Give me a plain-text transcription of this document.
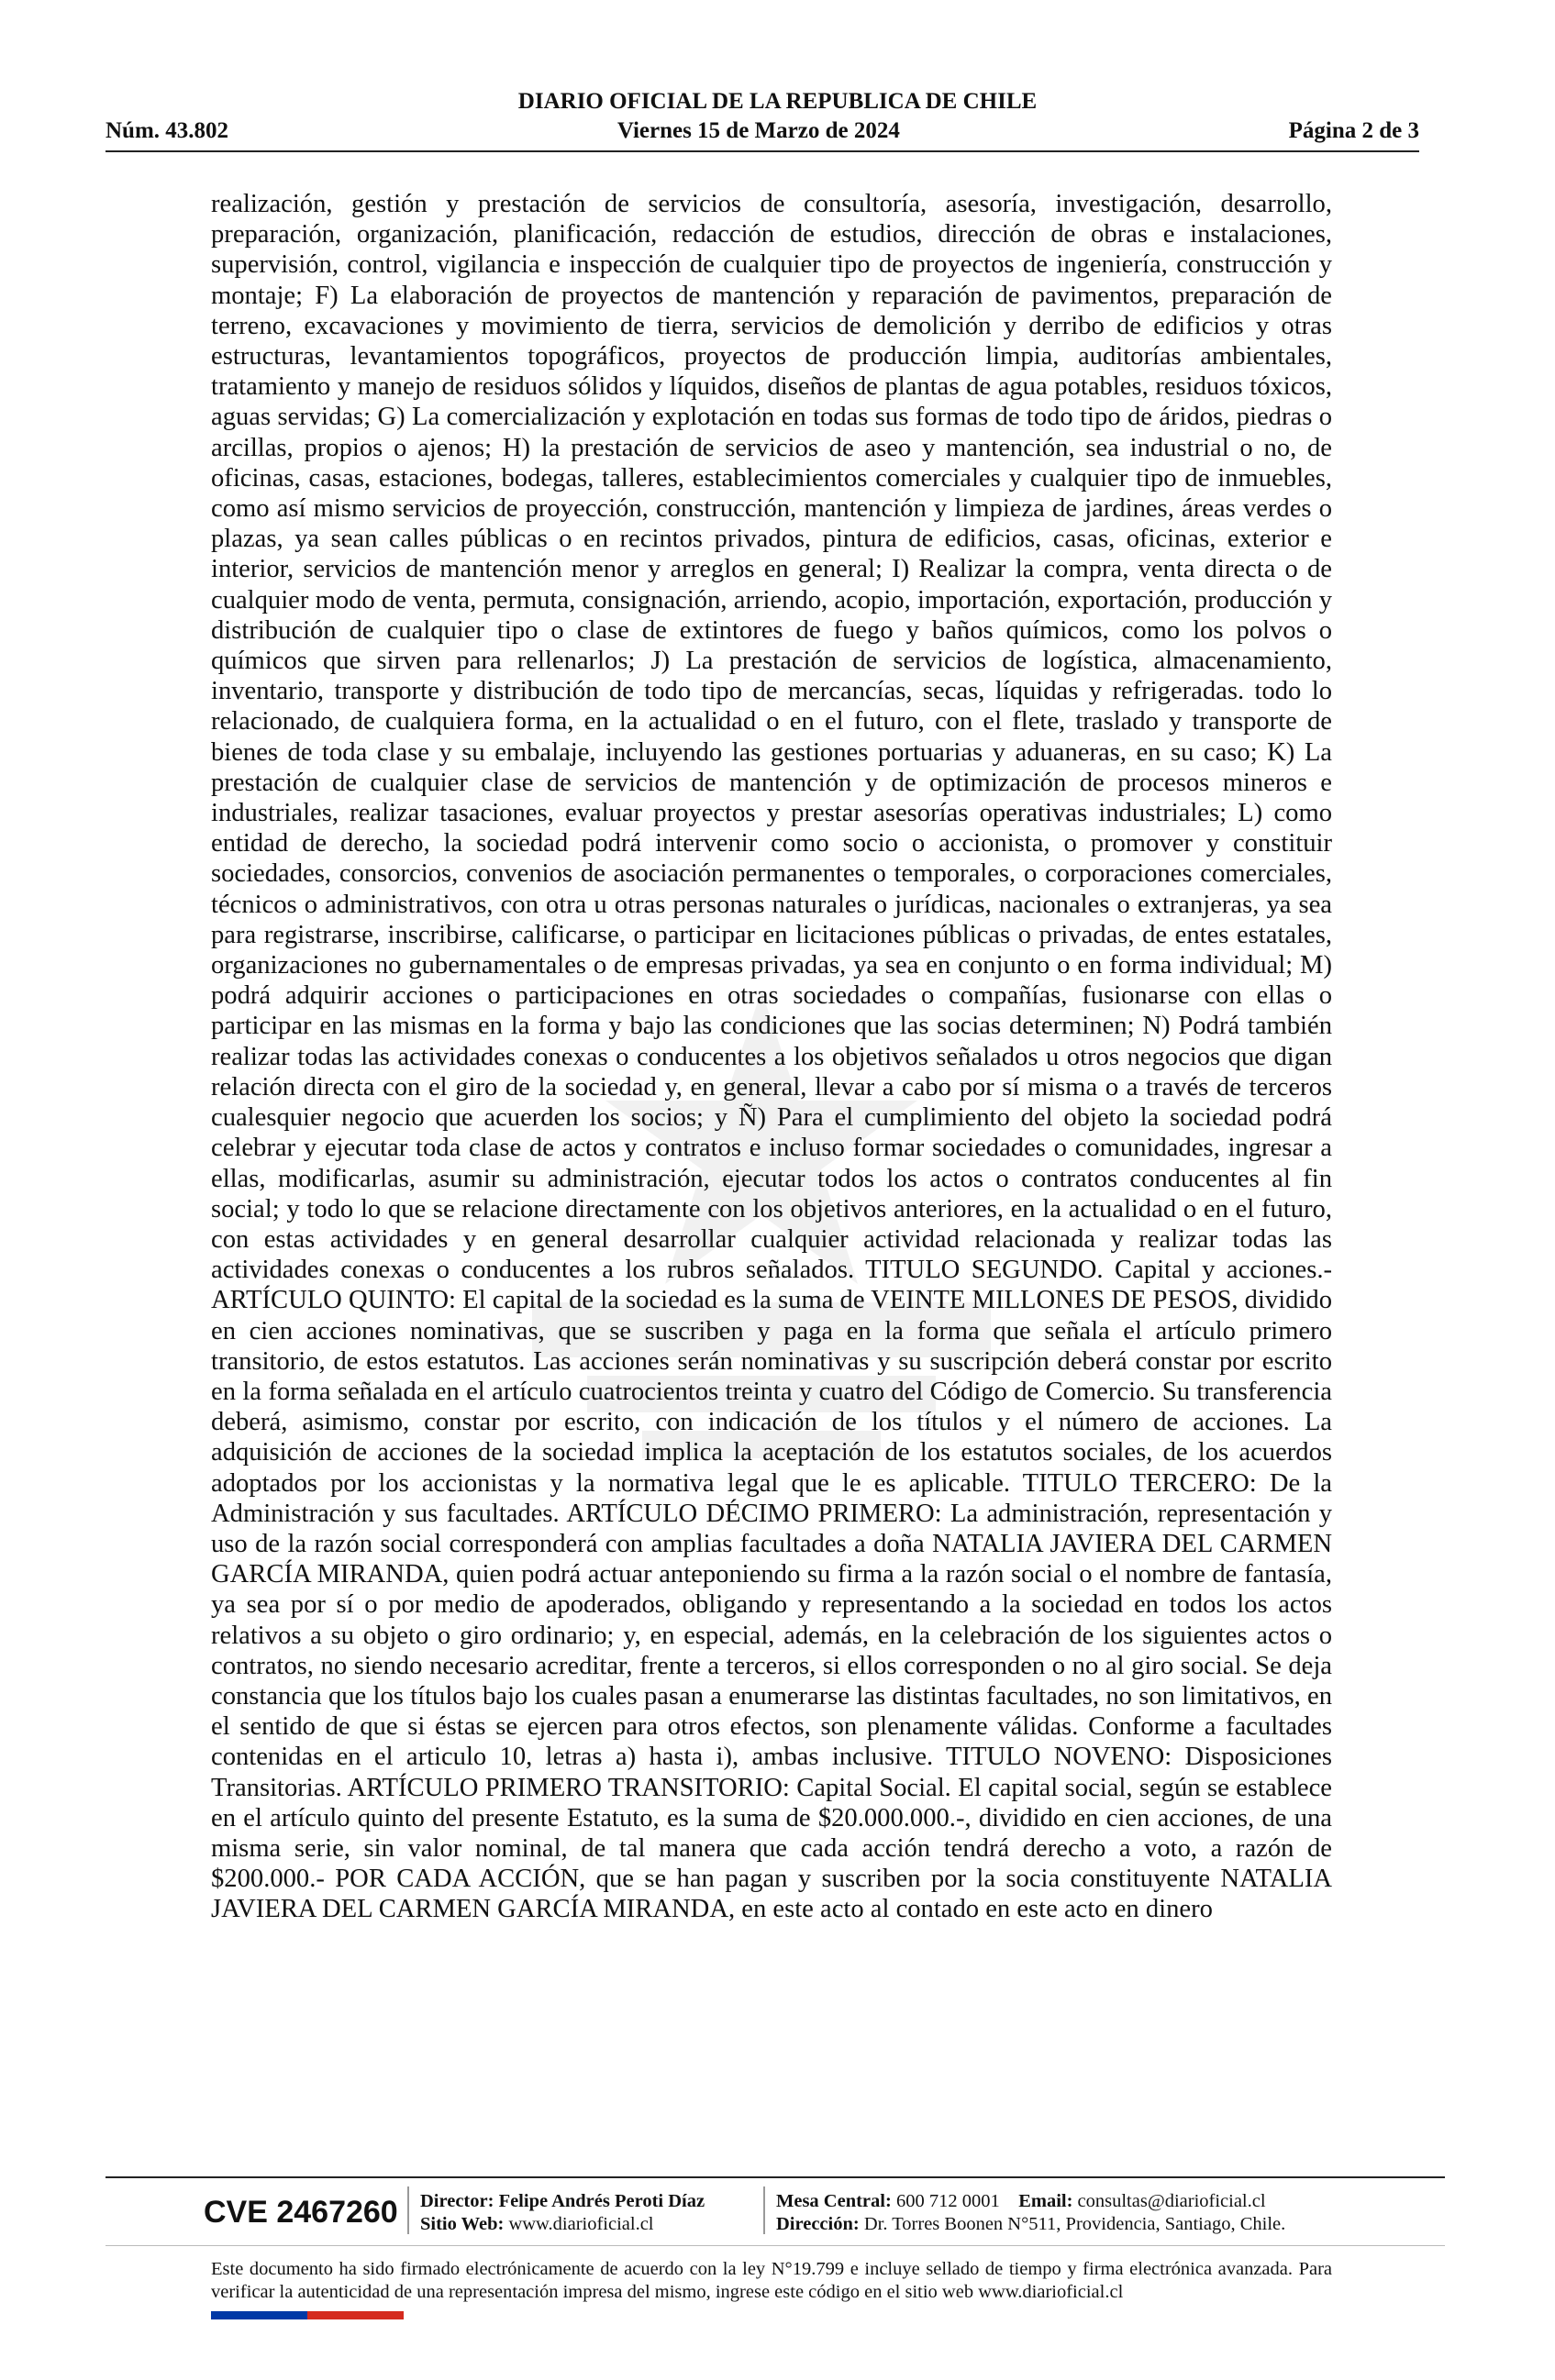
DIARIO OFICIAL DE LA REPUBLICA DE CHILE
Núm. 43.802	Viernes 15 de Marzo de 2024	Página 2 de 3

realización, gestión y prestación de servicios de consultoría, asesoría, investigación, desarrollo, preparación, organización, planificación, redacción de estudios, dirección de obras e instalaciones, supervisión, control, vigilancia e inspección de cualquier tipo de proyectos de ingeniería, construcción y montaje; F) La elaboración de proyectos de mantención y reparación de pavimentos, preparación de terreno, excavaciones y movimiento de tierra, servicios de demolición y derribo de edificios y otras estructuras, levantamientos topográficos, proyectos de producción limpia, auditorías ambientales, tratamiento y manejo de residuos sólidos y líquidos, diseños de plantas de agua potables, residuos tóxicos, aguas servidas; G) La comercialización y explotación en todas sus formas de todo tipo de áridos, piedras o arcillas, propios o ajenos; H) la prestación de servicios de aseo y mantención, sea industrial o no, de oficinas, casas, estaciones, bodegas, talleres, establecimientos comerciales y cualquier tipo de inmuebles, como así mismo servicios de proyección, construcción, mantención y limpieza de jardines, áreas verdes o plazas, ya sean calles públicas o en recintos privados, pintura de edificios, casas, oficinas, exterior e interior, servicios de mantención menor y arreglos en general; I) Realizar la compra, venta directa o de cualquier modo de venta, permuta, consignación, arriendo, acopio, importación, exportación, producción y distribución de cualquier tipo o clase de extintores de fuego y baños químicos, como los polvos o químicos que sirven para rellenarlos; J) La prestación de servicios de logística, almacenamiento, inventario, transporte y distribución de todo tipo de mercancías, secas, líquidas y refrigeradas. todo lo relacionado, de cualquiera forma, en la actualidad o en el futuro, con el flete, traslado y transporte de bienes de toda clase y su embalaje, incluyendo las gestiones portuarias y aduaneras, en su caso; K) La prestación de cualquier clase de servicios de mantención y de optimización de procesos mineros e industriales, realizar tasaciones, evaluar proyectos y prestar asesorías operativas industriales; L) como entidad de derecho, la sociedad podrá intervenir como socio o accionista, o promover y constituir sociedades, consorcios, convenios de asociación permanentes o temporales, o corporaciones comerciales, técnicos o administrativos, con otra u otras personas naturales o jurídicas, nacionales o extranjeras, ya sea para registrarse, inscribirse, calificarse, o participar en licitaciones públicas o privadas, de entes estatales, organizaciones no gubernamentales o de empresas privadas, ya sea en conjunto o en forma individual; M) podrá adquirir acciones o participaciones en otras sociedades o compañías, fusionarse con ellas o participar en las mismas en la forma y bajo las condiciones que las socias determinen; N) Podrá también realizar todas las actividades conexas o conducentes a los objetivos señalados u otros negocios que digan relación directa con el giro de la sociedad y, en general, llevar a cabo por sí misma o a través de terceros cualesquier negocio que acuerden los socios; y Ñ) Para el cumplimiento del objeto la sociedad podrá celebrar y ejecutar toda clase de actos y contratos e incluso formar sociedades o comunidades, ingresar a ellas, modificarlas, asumir su administración, ejecutar todos los actos o contratos conducentes al fin social; y todo lo que se relacione directamente con los objetivos anteriores, en la actualidad o en el futuro, con estas actividades y en general desarrollar cualquier actividad relacionada y realizar todas las actividades conexas o conducentes a los rubros señalados. TITULO SEGUNDO. Capital y acciones.- ARTÍCULO QUINTO: El capital de la sociedad es la suma de VEINTE MILLONES DE PESOS, dividido en cien acciones nominativas, que se suscriben y paga en la forma que señala el artículo primero transitorio, de estos estatutos. Las acciones serán nominativas y su suscripción deberá constar por escrito en la forma señalada en el artículo cuatrocientos treinta y cuatro del Código de Comercio. Su transferencia deberá, asimismo, constar por escrito, con indicación de los títulos y el número de acciones. La adquisición de acciones de la sociedad implica la aceptación de los estatutos sociales, de los acuerdos adoptados por los accionistas y la normativa legal que le es aplicable. TITULO TERCERO: De la Administración y sus facultades. ARTÍCULO DÉCIMO PRIMERO: La administración, representación y uso de la razón social corresponderá con amplias facultades a doña NATALIA JAVIERA DEL CARMEN GARCÍA MIRANDA, quien podrá actuar anteponiendo su firma a la razón social o el nombre de fantasía, ya sea por sí o por medio de apoderados, obligando y representando a la sociedad en todos los actos relativos a su objeto o giro ordinario; y, en especial, además, en la celebración de los siguientes actos o contratos, no siendo necesario acreditar, frente a terceros, si ellos corresponden o no al giro social. Se deja constancia que los títulos bajo los cuales pasan a enumerarse las distintas facultades, no son limitativos, en el sentido de que si éstas se ejercen para otros efectos, son plenamente válidas. Conforme a facultades contenidas en el articulo 10, letras a) hasta i), ambas inclusive. TITULO NOVENO: Disposiciones Transitorias. ARTÍCULO PRIMERO TRANSITORIO: Capital Social. El capital social, según se establece en el artículo quinto del presente Estatuto, es la suma de $20.000.000.-, dividido en cien acciones, de una misma serie, sin valor nominal, de tal manera que cada acción tendrá derecho a voto, a razón de $200.000.- POR CADA ACCIÓN, que se han pagan y suscriben por la socia constituyente NATALIA JAVIERA DEL CARMEN GARCÍA MIRANDA, en este acto al contado en este acto en dinero

CVE 2467260 Director: Felipe Andrés Peroti Díaz
Sitio Web: www.diarioficial.cl
Mesa Central: 600 712 0001 Email: consultas@diarioficial.cl
Dirección: Dr. Torres Boonen N°511, Providencia, Santiago, Chile.
Este documento ha sido firmado electrónicamente de acuerdo con la ley N°19.799 e incluye sellado de tiempo y firma electrónica avanzada. Para verificar la autenticidad de una representación impresa del mismo, ingrese este código en el sitio web www.diarioficial.cl
